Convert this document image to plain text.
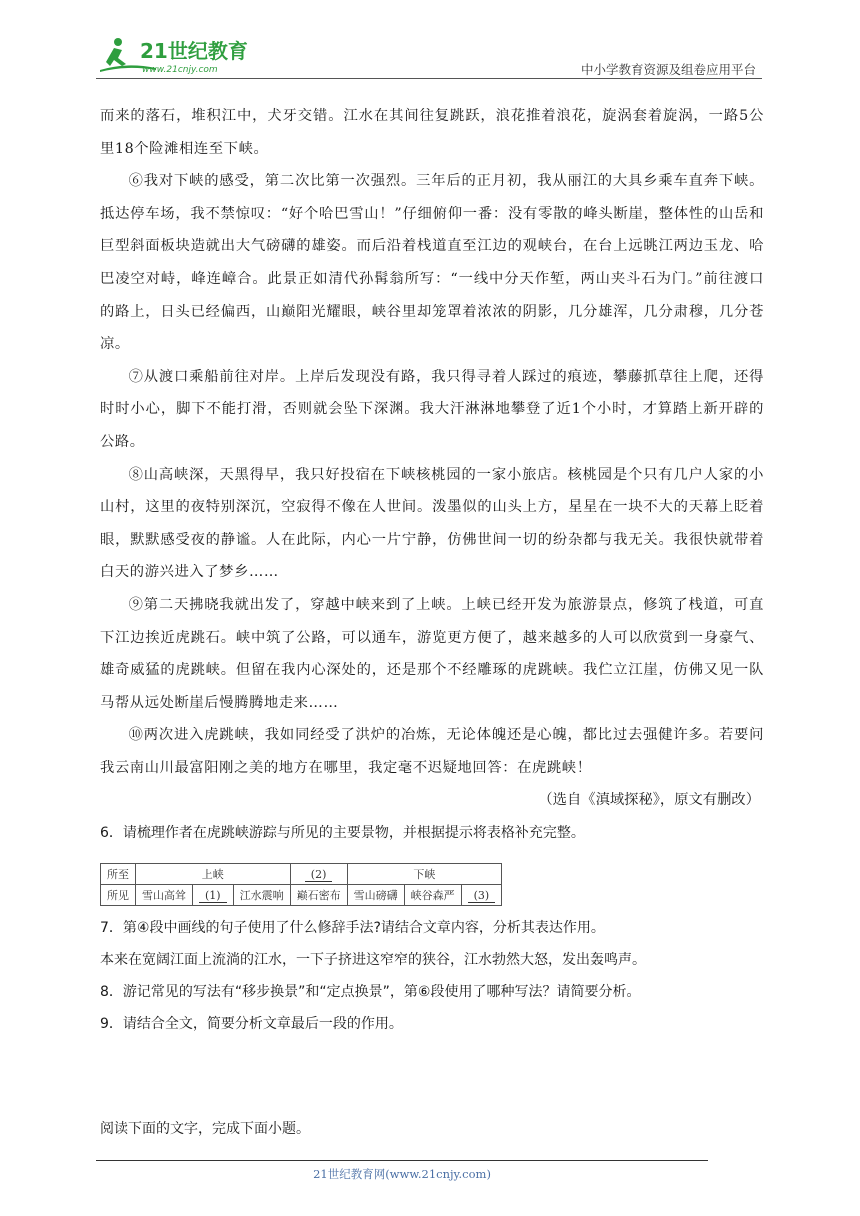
21世纪教育
www.21cnjy.com	中小学教育资源及组卷应用平台

而来的落石，堆积江中，犬牙交错。江水在其间往复跳跃，浪花推着浪花，旋涡套着旋涡，一路5公里18个险滩相连至下峡。

⑥我对下峡的感受，第二次比第一次强烈。三年后的正月初，我从丽江的大具乡乘车直奔下峡。抵达停车场，我不禁惊叹：“好个哈巴雪山！”仔细俯仰一番：没有零散的峰头断崖，整体性的山岳和巨型斜面板块造就出大气磅礴的雄姿。而后沿着栈道直至江边的观峡台，在台上远眺江两边玉龙、哈巴凌空对峙，峰连嶂合。此景正如清代孙髯翁所写：“一线中分天作堑，两山夹斗石为门。”前往渡口的路上，日头已经偏西，山巅阳光耀眼，峡谷里却笼罩着浓浓的阴影，几分雄浑，几分肃穆，几分苍凉。

⑦从渡口乘船前往对岸。上岸后发现没有路，我只得寻着人踩过的痕迹，攀藤抓草往上爬，还得时时小心，脚下不能打滑，否则就会坠下深渊。我大汗淋淋地攀登了近1个小时，才算踏上新开辟的公路。

⑧山高峡深，天黑得早，我只好投宿在下峡核桃园的一家小旅店。核桃园是个只有几户人家的小山村，这里的夜特别深沉，空寂得不像在人世间。泼墨似的山头上方，星星在一块不大的天幕上眨着眼，默默感受夜的静谧。人在此际，内心一片宁静，仿佛世间一切的纷杂都与我无关。我很快就带着白天的游兴进入了梦乡……

⑨第二天拂晓我就出发了，穿越中峡来到了上峡。上峡已经开发为旅游景点，修筑了栈道，可直下江边挨近虎跳石。峡中筑了公路，可以通车，游览更方便了，越来越多的人可以欣赏到一身豪气、雄奇威猛的虎跳峡。但留在我内心深处的，还是那个不经雕琢的虎跳峡。我伫立江崖，仿佛又见一队马帮从远处断崖后慢腾腾地走来……

⑩两次进入虎跳峡，我如同经受了洪炉的冶炼，无论体魄还是心魄，都比过去强健许多。若要问我云南山川最富阳刚之美的地方在哪里，我定毫不迟疑地回答：在虎跳峡！

（选自《滇域探秘》，原文有删改）

6．请梳理作者在虎跳峡游踪与所见的主要景物，并根据提示将表格补充完整。

所至	上峡			(2)	下峡		
所见	雪山高耸	(1)	江水震响	巅石密布	雪山磅礴	峡谷森严	(3)

7．第④段中画线的句子使用了什么修辞手法?请结合文章内容，分析其表达作用。

本来在宽阔江面上流淌的江水，一下子挤进这窄窄的狭谷，江水勃然大怒，发出轰鸣声。

8．游记常见的写法有“移步换景”和“定点换景”，第⑥段使用了哪种写法？请简要分析。

9．请结合全文，简要分析文章最后一段的作用。

阅读下面的文字，完成下面小题。
21世纪教育网(www.21cnjy.com)
